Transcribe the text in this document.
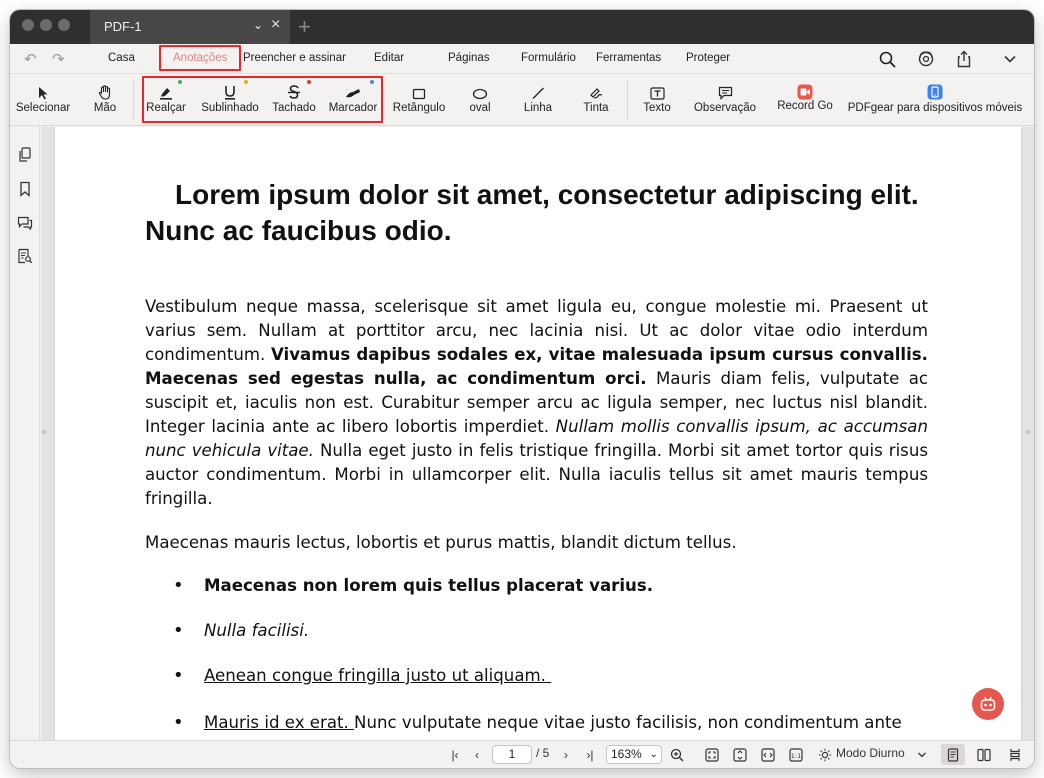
PDF-1	⌄ × +
↶ ↷	Casa	Anotações Preencher e assinar Editar	Páginas	Formulário Ferramentas Proteger
Selecionar Mão	Realçar Sublinhado Tachado Marcador Retângulo oval	Linha	Tinta	Texto Observação Record Go PDFgear para dispositivos móveis
Lorem ipsum dolor sit amet, consectetur adipiscing elit. Nunc ac faucibus odio.
Vestibulum neque massa, scelerisque sit amet ligula eu, congue molestie mi. Praesent ut varius sem. Nullam at porttitor arcu, nec lacinia nisi. Ut ac dolor vitae odio interdum condimentum. Vivamus dapibus sodales ex, vitae malesuada ipsum cursus convallis. Maecenas sed egestas nulla, ac condimentum orci. Mauris diam felis, vulputate ac suscipit et, iaculis non est. Curabitur semper arcu ac ligula semper, nec luctus nisl blandit. Integer lacinia ante ac libero lobortis imperdiet. Nullam mollis convallis ipsum, ac accumsan nunc vehicula vitae. Nulla eget justo in felis tristique fringilla. Morbi sit amet tortor quis risus auctor condimentum. Morbi in ullamcorper elit. Nulla iaculis tellus sit amet mauris tempus fringilla.
Maecenas mauris lectus, lobortis et purus mattis, blandit dictum tellus.
• Maecenas non lorem quis tellus placerat varius.
• Nulla facilisi.
• Aenean congue fringilla justo ut aliquam.
• Mauris id ex erat. Nunc vulputate neque vitae justo facilisis, non condimentum ante
|‹	‹	1	/ 5	›	›|	163% ⌄	1:1	Modo Diurno
